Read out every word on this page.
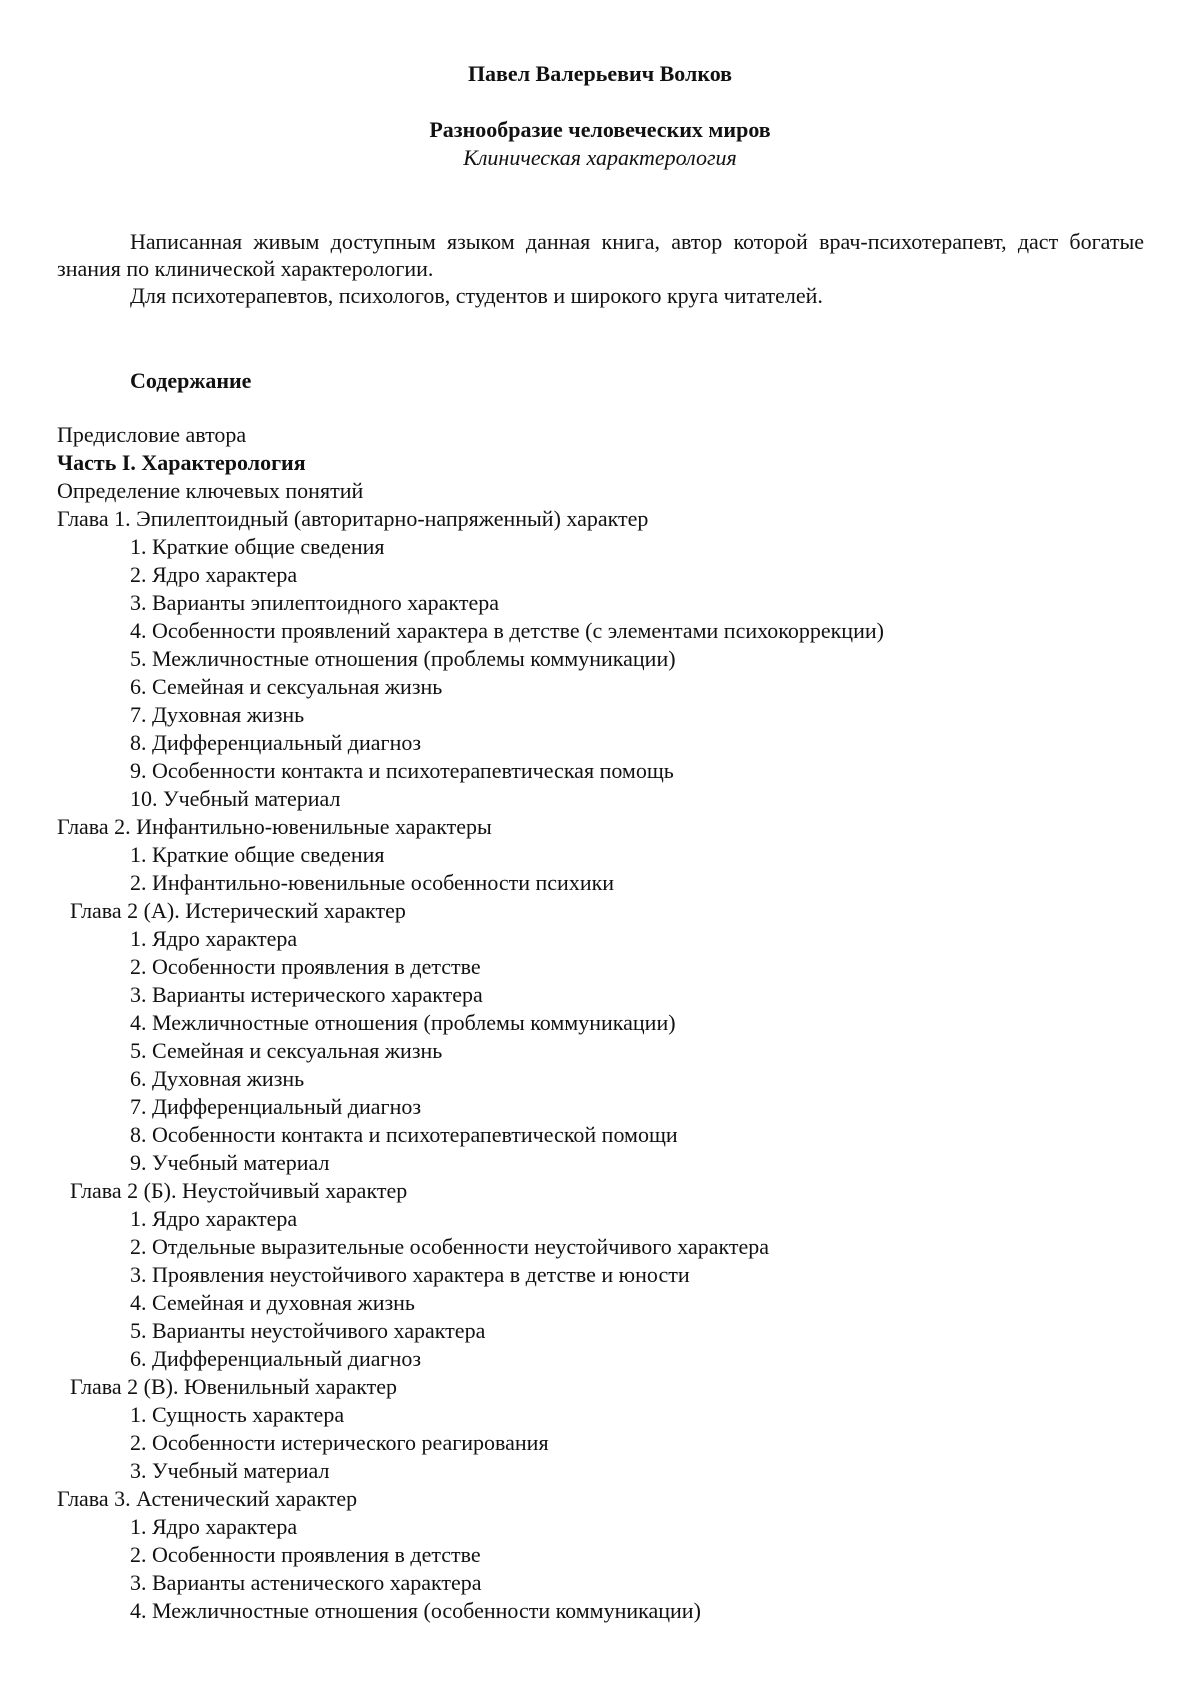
Павел Валерьевич Волков
Разнообразие человеческих миров
Клиническая характерология

Написанная живым доступным языком данная книга, автор которой врач-психотерапевт, даст богатые знания по клинической характерологии.

Для психотерапевтов, психологов, студентов и широкого круга читателей.

Содержание
Предисловие автора
Часть I. Характерология
Определение ключевых понятий
Глава 1. Эпилептоидный (авторитарно-напряженный) характер
1. Краткие общие сведения
2. Ядро характера
3. Варианты эпилептоидного характера
4. Особенности проявлений характера в детстве (с элементами психокоррекции)
5. Межличностные отношения (проблемы коммуникации)
6. Семейная и сексуальная жизнь
7. Духовная жизнь
8. Дифференциальный диагноз
9. Особенности контакта и психотерапевтическая помощь
10. Учебный материал
Глава 2. Инфантильно-ювенильные характеры
1. Краткие общие сведения
2. Инфантильно-ювенильные особенности психики
Глава 2 (А). Истерический характер
1. Ядро характера
2. Особенности проявления в детстве
3. Варианты истерического характера
4. Межличностные отношения (проблемы коммуникации)
5. Семейная и сексуальная жизнь
6. Духовная жизнь
7. Дифференциальный диагноз
8. Особенности контакта и психотерапевтической помощи
9. Учебный материал
Глава 2 (Б). Неустойчивый характер
1. Ядро характера
2. Отдельные выразительные особенности неустойчивого характера
3. Проявления неустойчивого характера в детстве и юности
4. Семейная и духовная жизнь
5. Варианты неустойчивого характера
6. Дифференциальный диагноз
Глава 2 (В). Ювенильный характер
1. Сущность характера
2. Особенности истерического реагирования
3. Учебный материал
Глава 3. Астенический характер
1. Ядро характера
2. Особенности проявления в детстве
3. Варианты астенического характера
4. Межличностные отношения (особенности коммуникации)
